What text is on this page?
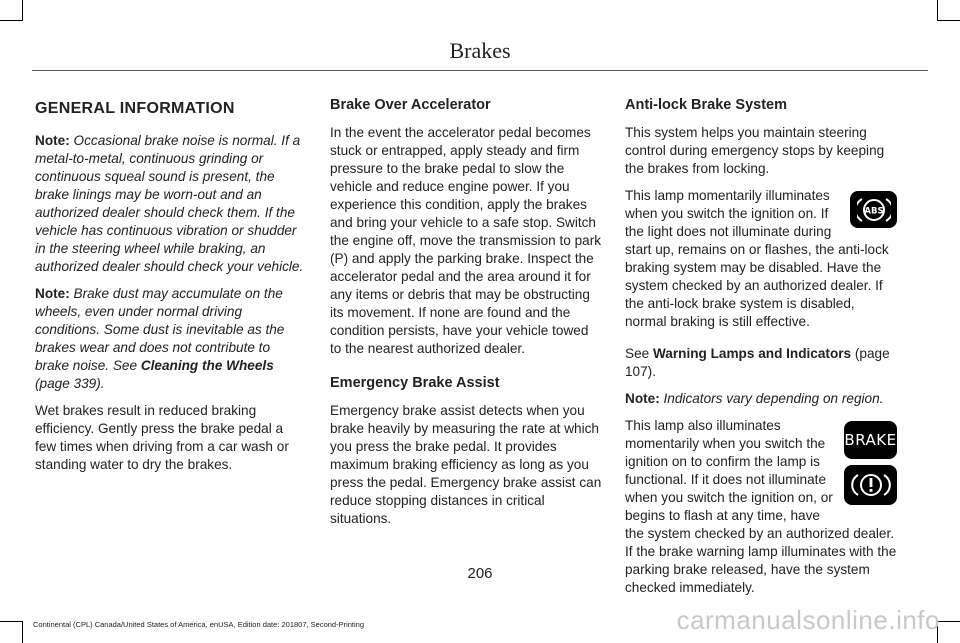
Brakes
GENERAL INFORMATION

Note: Occasional brake noise is normal. If a metal-to-metal, continuous grinding or continuous squeal sound is present, the brake linings may be worn-out and an authorized dealer should check them. If the vehicle has continuous vibration or shudder in the steering wheel while braking, an authorized dealer should check your vehicle.

Note: Brake dust may accumulate on the wheels, even under normal driving conditions. Some dust is inevitable as the brakes wear and does not contribute to brake noise. See Cleaning the Wheels (page 339).

Wet brakes result in reduced braking efficiency. Gently press the brake pedal a few times when driving from a car wash or standing water to dry the brakes.

Brake Over Accelerator

In the event the accelerator pedal becomes stuck or entrapped, apply steady and firm pressure to the brake pedal to slow the vehicle and reduce engine power. If you experience this condition, apply the brakes and bring your vehicle to a safe stop. Switch the engine off, move the transmission to park (P) and apply the parking brake. Inspect the accelerator pedal and the area around it for any items or debris that may be obstructing its movement. If none are found and the condition persists, have your vehicle towed to the nearest authorized dealer.

Emergency Brake Assist

Emergency brake assist detects when you brake heavily by measuring the rate at which you press the brake pedal. It provides maximum braking efficiency as long as you press the pedal. Emergency brake assist can reduce stopping distances in critical situations.

Anti-lock Brake System

This system helps you maintain steering control during emergency stops by keeping the brakes from locking.

ABS

This lamp momentarily illuminates when you switch the ignition on. If the light does not illuminate during start up, remains on or flashes, the anti-lock braking system may be disabled. Have the system checked by an authorized dealer. If the anti-lock brake system is disabled, normal braking is still effective.

See Warning Lamps and Indicators (page 107).

Note: Indicators vary depending on region.

BRAKE

This lamp also illuminates momentarily when you switch the ignition on to confirm the lamp is functional. If it does not illuminate when you switch the ignition on, or begins to flash at any time, have the system checked by an authorized dealer. If the brake warning lamp illuminates with the parking brake released, have the system checked immediately.

206
Continental (CPL) Canada/United States of America, enUSA, Edition date: 201807, Second-Printing	carmanualsonline.info
